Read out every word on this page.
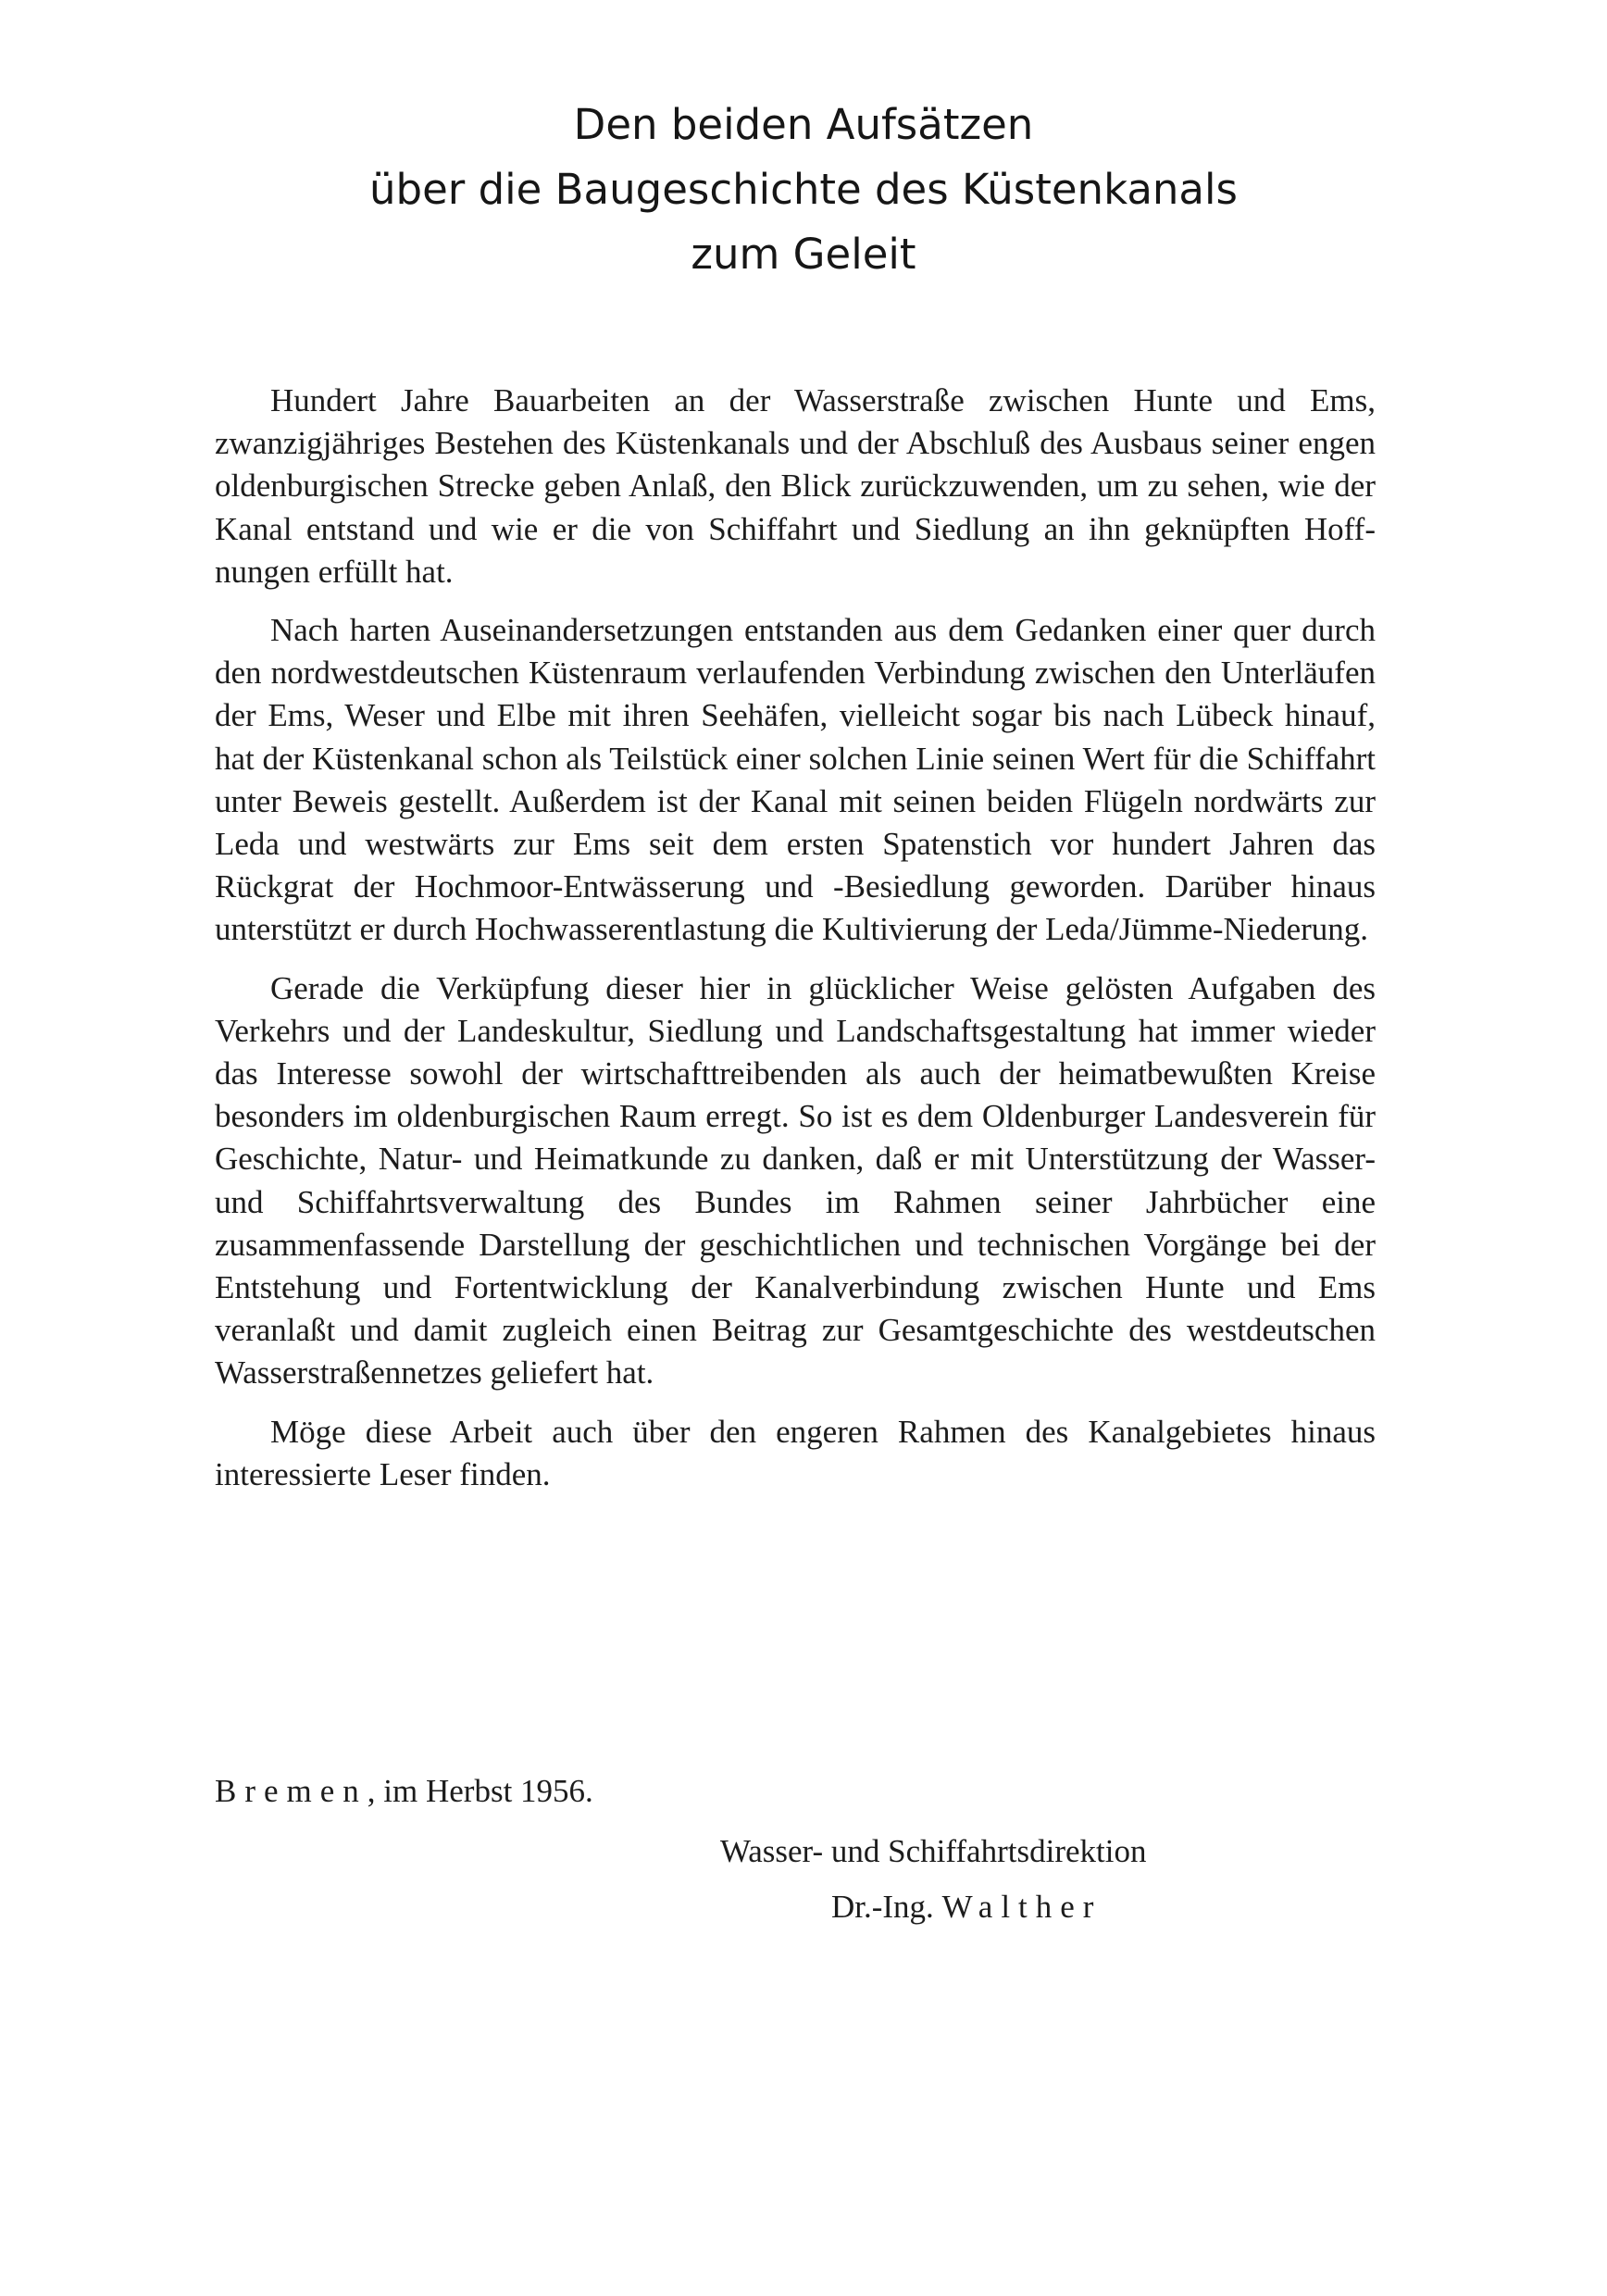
Den beiden Aufsätzen
über die Baugeschichte des Küstenkanals
zum Geleit

Hundert Jahre Bauarbeiten an der Wasserstraße zwischen Hunte und Ems, zwanzigjähriges Bestehen des Küstenkanals und der Abschluß des Ausbaus seiner engen oldenburgischen Strecke geben Anlaß, den Blick zurückzuwenden, um zu sehen, wie der Kanal entstand und wie er die von Schiffahrt und Siedlung an ihn geknüpften Hoffnungen erfüllt hat.

Nach harten Auseinandersetzungen entstanden aus dem Gedanken einer quer durch den nordwestdeutschen Küstenraum verlaufenden Verbindung zwischen den Unterläufen der Ems, Weser und Elbe mit ihren Seehäfen, vielleicht sogar bis nach Lübeck hinauf, hat der Küstenkanal schon als Teilstück einer solchen Linie seinen Wert für die Schiffahrt unter Beweis gestellt. Außerdem ist der Kanal mit seinen beiden Flügeln nordwärts zur Leda und westwärts zur Ems seit dem ersten Spatenstich vor hundert Jahren das Rückgrat der Hochmoor-Entwässerung und -Besiedlung geworden. Darüber hinaus unterstützt er durch Hochwasserentlastung die Kultivierung der Leda/Jümme-Niederung.

Gerade die Verküpfung dieser hier in glücklicher Weise gelösten Aufgaben des Verkehrs und der Landeskultur, Siedlung und Landschaftsgestaltung hat immer wieder das Interesse sowohl der wirtschafttreibenden als auch der heimatbewußten Kreise besonders im oldenburgischen Raum erregt. So ist es dem Oldenburger Landesverein für Geschichte, Natur- und Heimatkunde zu danken, daß er mit Unterstützung der Wasser- und Schiffahrtsverwaltung des Bundes im Rahmen seiner Jahrbücher eine zusammenfassende Darstellung der geschichtlichen und technischen Vorgänge bei der Entstehung und Fortentwicklung der Kanalverbindung zwischen Hunte und Ems veranlaßt und damit zugleich einen Beitrag zur Gesamtgeschichte des westdeutschen Wasserstraßennetzes geliefert hat.

Möge diese Arbeit auch über den engeren Rahmen des Kanalgebietes hinaus interessierte Leser finden.

Bremen, im Herbst 1956.
Wasser- und Schiffahrtsdirektion
Dr.-Ing. Walther
